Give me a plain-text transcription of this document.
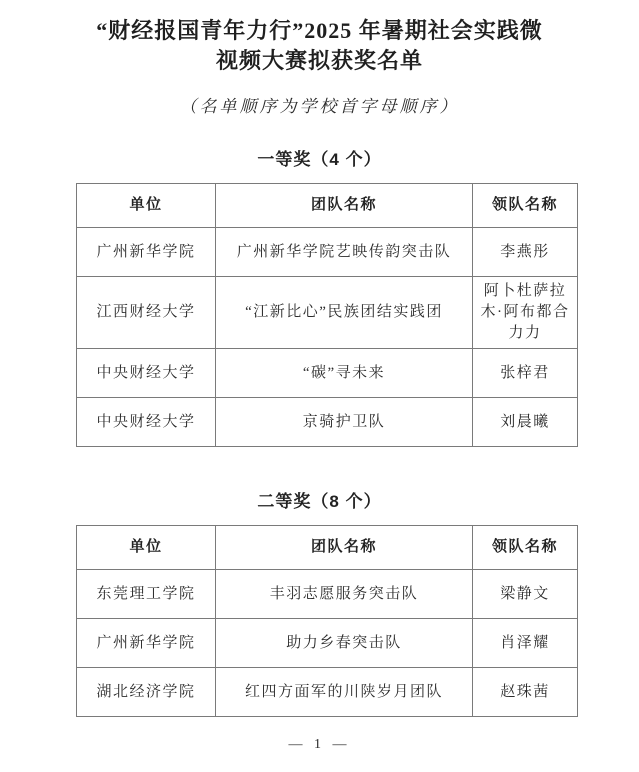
“财经报国青年力行”2025 年暑期社会实践微
视频大赛拟获奖名单
（名单顺序为学校首字母顺序）
一等奖（4 个）
单位	团队名称	领队名称
广州新华学院	广州新华学院艺映传韵突击队	李燕彤
江西财经大学	“江新比心”民族团结实践团	阿卜杜萨拉木·阿布都合力力
中央财经大学	“碳”寻未来	张梓君
中央财经大学	京骑护卫队	刘晨曦
二等奖（8 个）
单位	团队名称	领队名称
东莞理工学院	丰羽志愿服务突击队	梁静文
广州新华学院	助力乡春突击队	肖泽耀
湖北经济学院	红四方面军的川陕岁月团队	赵珠茜
— 1 —
